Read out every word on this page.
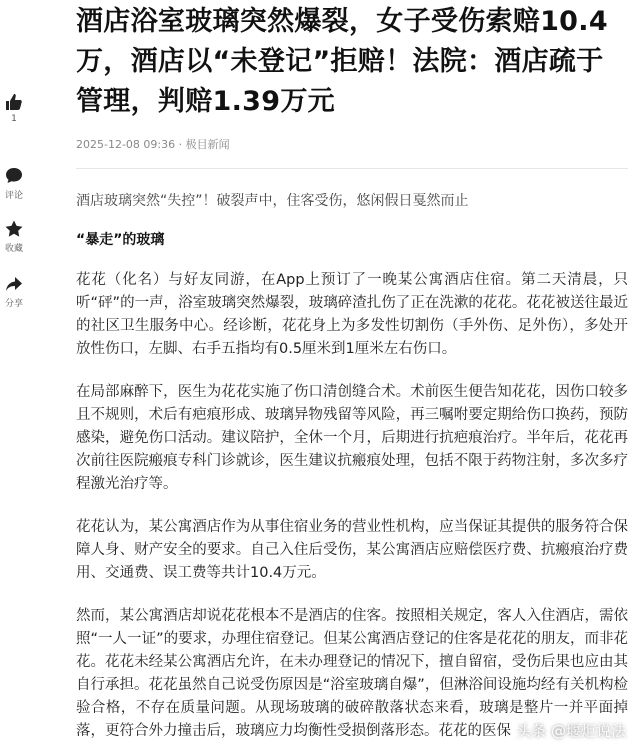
1
评论
收藏
分享
酒店浴室玻璃突然爆裂，女子受伤索赔10.4万，酒店以“未登记”拒赔！法院：酒店疏于管理，判赔1.39万元
2025-12-08 09:36 · 极目新闻

酒店玻璃突然“失控”！破裂声中，住客受伤，悠闲假日戛然而止

“暴走”的玻璃

花花（化名）与好友同游，在App上预订了一晚某公寓酒店住宿。第二天清晨，只听“砰”的一声，浴室玻璃突然爆裂，玻璃碎渣扎伤了正在洗漱的花花。花花被送往最近的社区卫生服务中心。经诊断，花花身上为多发性切割伤（手外伤、足外伤），多处开放性伤口，左脚、右手五指均有0.5厘米到1厘米左右伤口。

在局部麻醉下，医生为花花实施了伤口清创缝合术。术前医生便告知花花，因伤口较多且不规则，术后有疤痕形成、玻璃异物残留等风险，再三嘱咐要定期给伤口换药，预防感染，避免伤口活动。建议陪护，全休一个月，后期进行抗疤痕治疗。半年后，花花再次前往医院瘢痕专科门诊就诊，医生建议抗瘢痕处理，包括不限于药物注射，多次多疗程激光治疗等。

花花认为，某公寓酒店作为从事住宿业务的营业性机构，应当保证其提供的服务符合保障人身、财产安全的要求。自己入住后受伤，某公寓酒店应赔偿医疗费、抗瘢痕治疗费用、交通费、误工费等共计10.4万元。

然而，某公寓酒店却说花花根本不是酒店的住客。按照相关规定，客人入住酒店，需依照“一人一证”的要求，办理住宿登记。但某公寓酒店登记的住客是花花的朋友，而非花花。花花未经某公寓酒店允许，在未办理登记的情况下，擅自留宿，受伤后果也应由其自行承担。花花虽然自己说受伤原因是“浴室玻璃自爆”，但淋浴间设施均经有关机构检验合格，不存在质量问题。从现场玻璃的破碎散落状态来看，玻璃是整片一并平面掉落，更符合外力撞击后，玻璃应力均衡性受损倒落形态。花花的医保 头条 @堰炬说法
